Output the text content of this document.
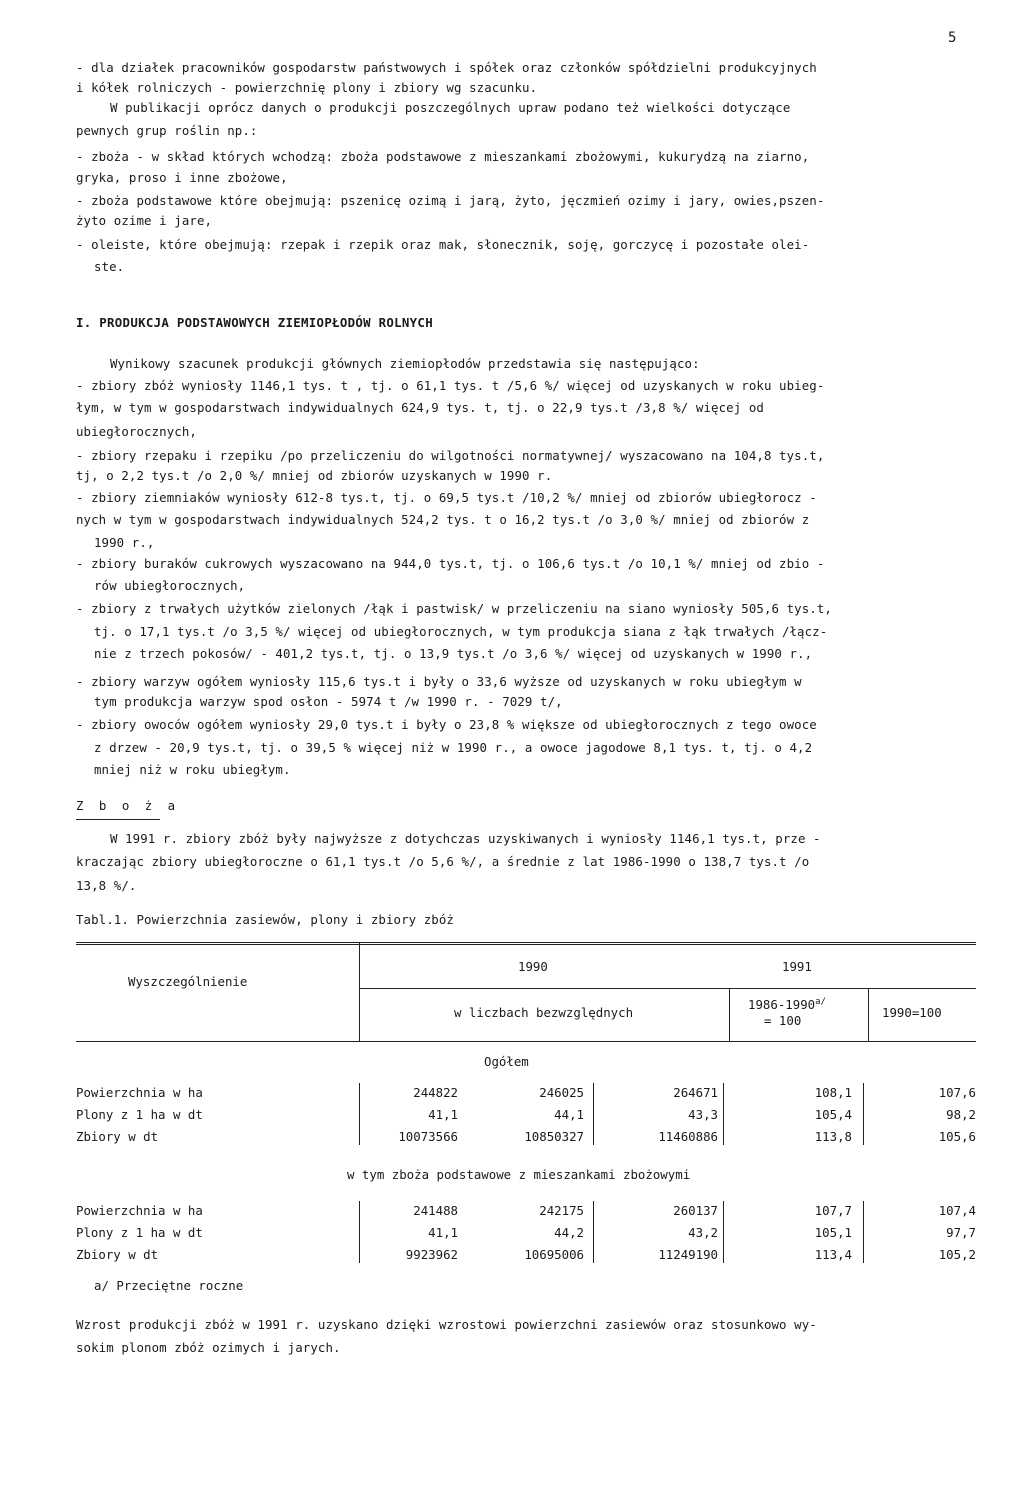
5
- dla działek pracowników gospodarstw państwowych i spółek oraz członków spółdzielni produkcyjnych
i kółek rolniczych - powierzchnię plony i zbiory wg szacunku.
W publikacji oprócz danych o produkcji poszczególnych upraw podano też wielkości dotyczące
pewnych grup roślin np.:
- zboża - w skład których wchodzą: zboża podstawowe z mieszankami zbożowymi, kukurydzą na ziarno,
gryka, proso i inne zbożowe,
- zboża podstawowe które obejmują: pszenicę ozimą i jarą, żyto, jęczmień ozimy i jary, owies,pszen-
żyto ozime i jare,
- oleiste, które obejmują: rzepak i rzepik oraz mak, słonecznik, soję, gorczycę i pozostałe olei-
ste.
I. PRODUKCJA PODSTAWOWYCH ZIEMIOPŁODÓW ROLNYCH
Wynikowy szacunek produkcji głównych ziemiopłodów przedstawia się następująco:
- zbiory zbóż wyniosły 1146,1 tys. t , tj. o 61,1 tys. t /5,6 %/ więcej od uzyskanych w roku ubieg-
łym, w tym w gospodarstwach indywidualnych 624,9 tys. t, tj. o 22,9 tys.t /3,8 %/ więcej od
ubiegłorocznych,
- zbiory rzepaku i rzepiku /po przeliczeniu do wilgotności normatywnej/ wyszacowano na 104,8 tys.t,
tj, o 2,2 tys.t /o 2,0 %/ mniej od zbiorów uzyskanych w 1990 r.
- zbiory ziemniaków wyniosły 612-8 tys.t, tj. o 69,5 tys.t /10,2 %/ mniej od zbiorów ubiegłorocz -
nych w tym w gospodarstwach indywidualnych 524,2 tys. t o 16,2 tys.t /o 3,0 %/ mniej od zbiorów z
1990 r.,
- zbiory buraków cukrowych wyszacowano na 944,0 tys.t, tj. o 106,6 tys.t /o 10,1 %/ mniej od zbio -
rów ubiegłorocznych,
- zbiory z trwałych użytków zielonych /łąk i pastwisk/ w przeliczeniu na siano wyniosły 505,6 tys.t,
tj. o 17,1 tys.t /o 3,5 %/ więcej od ubiegłorocznych, w tym produkcja siana z łąk trwałych /łącz-
nie z trzech pokosów/ - 401,2 tys.t, tj. o 13,9 tys.t /o 3,6 %/ więcej od uzyskanych w 1990 r.,
- zbiory warzyw ogółem wyniosły 115,6 tys.t i były o 33,6 wyższe od uzyskanych w roku ubiegłym w
tym produkcja warzyw spod osłon - 5974 t /w 1990 r. - 7029 t/,
- zbiory owoców ogółem wyniosły 29,0 tys.t i były o 23,8 % większe od ubiegłorocznych z tego owoce
z drzew - 20,9 tys.t, tj. o 39,5 % więcej niż w 1990 r., a owoce jagodowe 8,1 tys. t, tj. o 4,2
mniej niż w roku ubiegłym.
Z b o ż a
W 1991 r. zbiory zbóż były najwyższe z dotychczas uzyskiwanych i wyniosły 1146,1 tys.t, prze -
kraczając zbiory ubiegłoroczne o 61,1 tys.t /o 5,6 %/, a średnie z lat 1986-1990 o 138,7 tys.t /o
13,8 %/.
Tabl.1. Powierzchnia zasiewów, plony i zbiory zbóż
Wyszczególnienie
1990	1991
w liczbach bezwzględnych
$1986-1990^{a/}$
= 100
1990=100
Ogółem
Powierzchnia w ha	244822	246025	264671	108,1	107,6
Plony z 1 ha w dt	41,1	44,1	43,3	105,4	98,2
Zbiory w dt	10073566	10850327	11460886	113,8	105,6
w tym zboża podstawowe z mieszankami zbożowymi
Powierzchnia w ha	241488	242175	260137	107,7	107,4
Plony z 1 ha w dt	41,1	44,2	43,2	105,1	97,7
Zbiory w dt	9923962	10695006	11249190	113,4	105,2
a/ Przeciętne roczne
Wzrost produkcji zbóż w 1991 r. uzyskano dzięki wzrostowi powierzchni zasiewów oraz stosunkowo wy-
sokim plonom zbóż ozimych i jarych.
